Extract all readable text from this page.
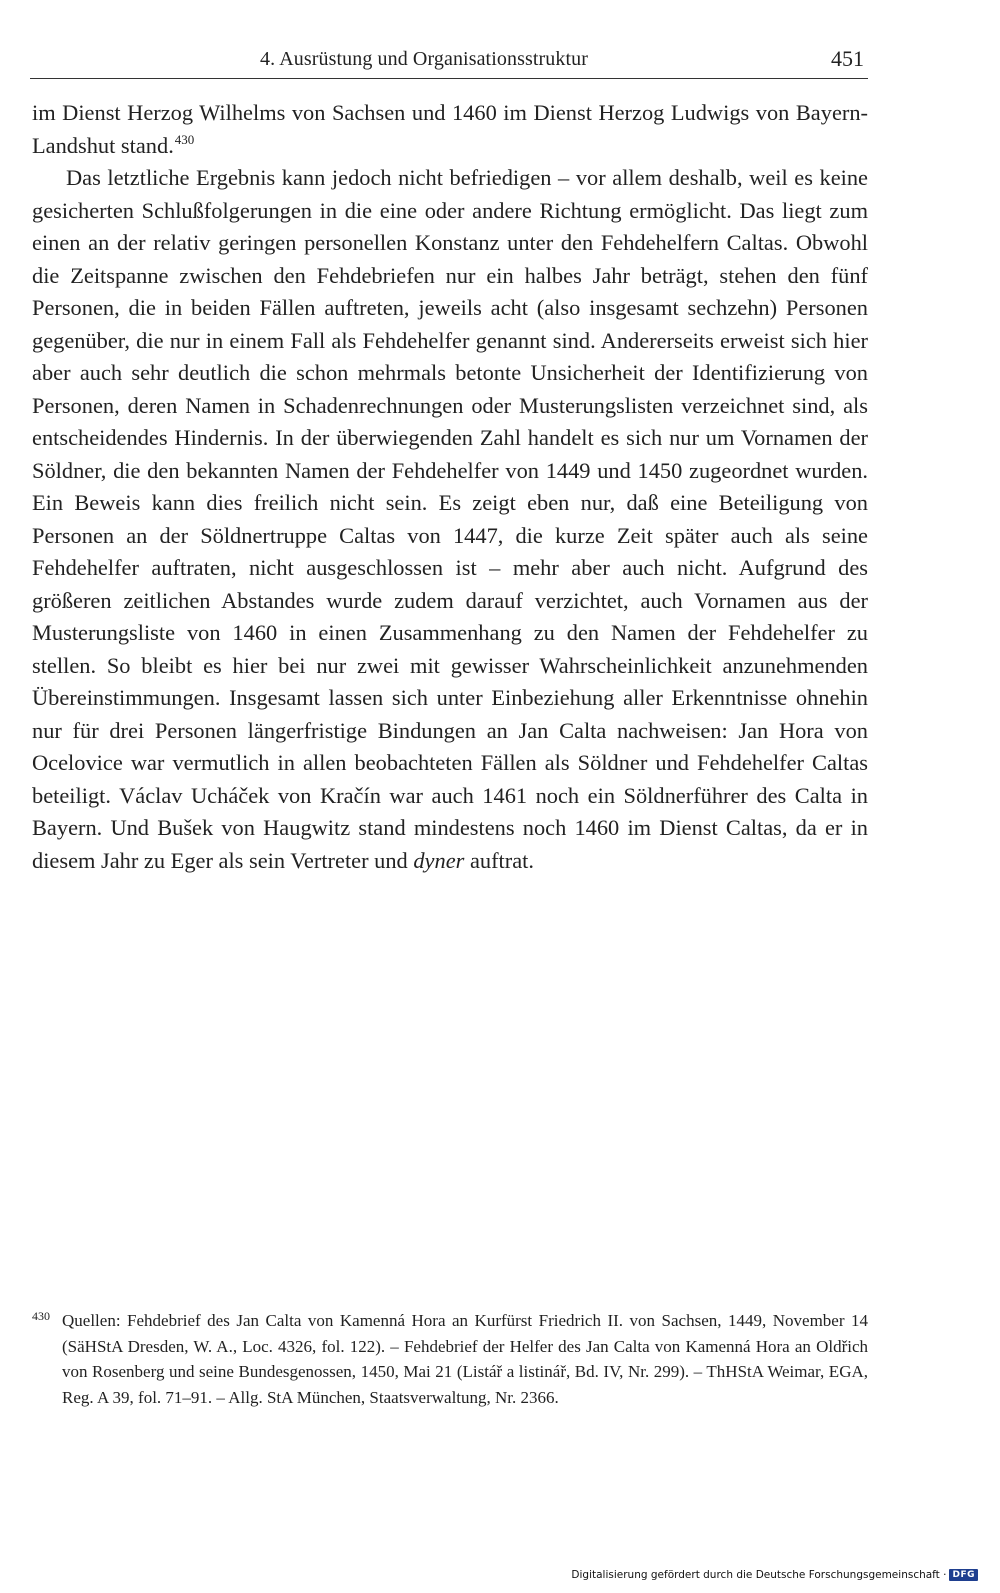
4. Ausrüstung und Organisationsstruktur	451

im Dienst Herzog Wilhelms von Sachsen und 1460 im Dienst Herzog Ludwigs von Bayern-Landshut stand.$^{430}$

Das letztliche Ergebnis kann jedoch nicht befriedigen – vor allem deshalb, weil es keine gesicherten Schlußfolgerungen in die eine oder andere Richtung ermöglicht. Das liegt zum einen an der relativ geringen personellen Konstanz unter den Fehdehelfern Caltas. Obwohl die Zeitspanne zwischen den Fehdebriefen nur ein halbes Jahr beträgt, stehen den fünf Personen, die in beiden Fällen auftreten, jeweils acht (also insgesamt sechzehn) Personen gegenüber, die nur in einem Fall als Fehdehelfer genannt sind. Andererseits erweist sich hier aber auch sehr deutlich die schon mehrmals betonte Unsicherheit der Identifizierung von Personen, deren Namen in Schadenrechnungen oder Musterungslisten verzeichnet sind, als entscheidendes Hindernis. In der überwiegenden Zahl handelt es sich nur um Vornamen der Söldner, die den bekannten Namen der Fehdehelfer von 1449 und 1450 zugeordnet wurden. Ein Beweis kann dies freilich nicht sein. Es zeigt eben nur, daß eine Beteiligung von Personen an der Söldnertruppe Caltas von 1447, die kurze Zeit später auch als seine Fehdehelfer auftraten, nicht ausgeschlossen ist – mehr aber auch nicht. Aufgrund des größeren zeitlichen Abstandes wurde zudem darauf verzichtet, auch Vornamen aus der Musterungsliste von 1460 in einen Zusammenhang zu den Namen der Fehdehelfer zu stellen. So bleibt es hier bei nur zwei mit gewisser Wahrscheinlichkeit anzunehmenden Übereinstimmungen. Insgesamt lassen sich unter Einbeziehung aller Erkenntnisse ohnehin nur für drei Personen längerfristige Bindungen an Jan Calta nachweisen: Jan Hora von Ocelovice war vermutlich in allen beobachteten Fällen als Söldner und Fehdehelfer Caltas beteiligt. Václav Ucháček von Kračín war auch 1461 noch ein Söldnerführer des Calta in Bayern. Und Bušek von Haugwitz stand mindestens noch 1460 im Dienst Caltas, da er in diesem Jahr zu Eger als sein Vertreter und dyner auftrat.

430 Quellen: Fehdebrief des Jan Calta von Kamenná Hora an Kurfürst Friedrich II. von Sachsen, 1449, November 14 (SäHStA Dresden, W. A., Loc. 4326, fol. 122). – Fehdebrief der Helfer des Jan Calta von Kamenná Hora an Oldřich von Rosenberg und seine Bundesgenossen, 1450, Mai 21 (Listář a listinář, Bd. IV, Nr. 299). – ThHStA Weimar, EGA, Reg. A 39, fol. 71–91. – Allg. StA München, Staatsverwaltung, Nr. 2366.
Digitalisierung gefördert durch die Deutsche Forschungsgemeinschaft · DFG
